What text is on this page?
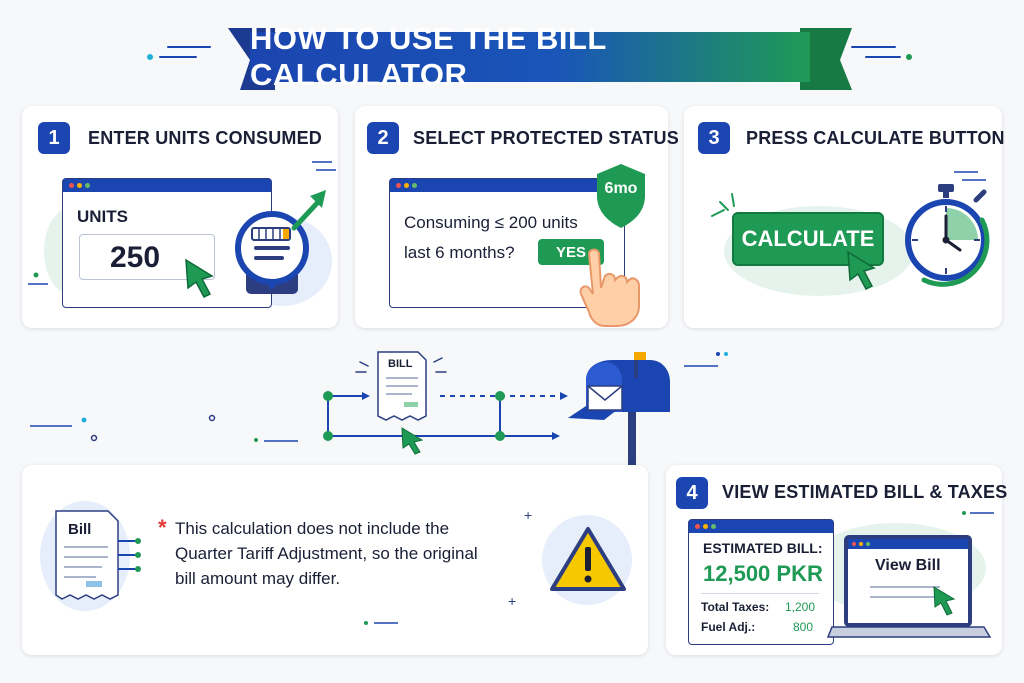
HOW TO USE THE BILL CALCULATOR
1	ENTER UNITS CONSUMED
UNITS
250
2	SELECT PROTECTED STATUS
Consuming ≤ 200 units
last 6 months?	YES
6mo
3	PRESS CALCULATE BUTTON
CALCULATE
BILL
Bill	* This calculation does not include the
Quarter Tariff Adjustment, so the original
bill amount may differ.
+
+
4	VIEW ESTIMATED BILL & TAXES
ESTIMATED BILL:
12,500 PKR
Total Taxes: 1,200
Fuel Adj.:	800
View Bill
